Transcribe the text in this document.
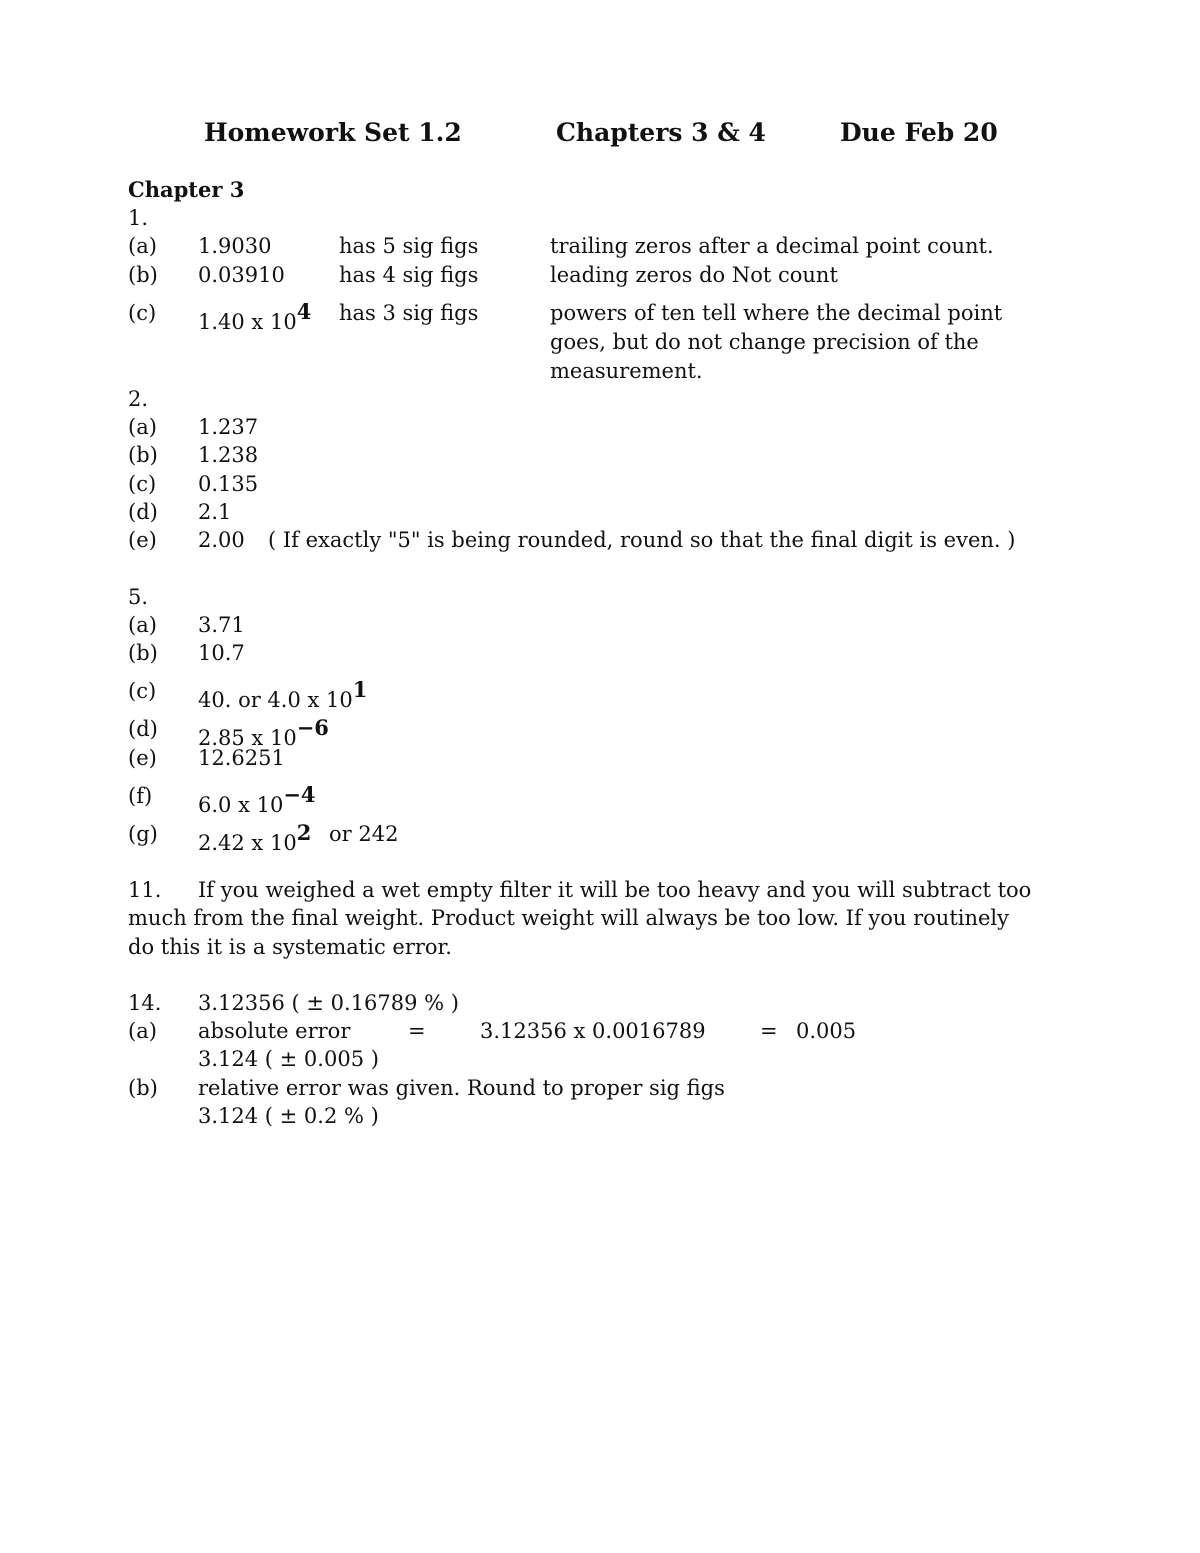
Homework Set 1.2	Chapters 3 & 4	Due Feb 20
Chapter 3
1.
(a) 1.9030	has 5 sig figs	trailing zeros after a decimal point count.
(b) 0.03910	has 4 sig figs	leading zeros do Not count
(c) 1.40 x $10^4$ has 3 sig figs	powers of ten tell where the decimal point
goes, but do not change precision of the
measurement.
2.
(a) 1.237
(b) 1.238
(c) 0.135
(d) 2.1
(e) 2.00 ( If exactly "5" is being rounded, round so that the final digit is even. )
5.
(a) 3.71
(b) 10.7
(c) 40. or 4.0 x $10^1$
(d) 2.85 x $10^{-6}$
(e) 12.6251
(f) 6.0 x $10^{-4}$
(g) 2.42 x $10^2$ or 242
11. If you weighed a wet empty filter it will be too heavy and you will subtract too
much from the final weight. Product weight will always be too low. If you routinely
do this it is a systematic error.
14. 3.12356 ( ± 0.16789 % )
(a) absolute error	=	3.12356 x 0.0016789	= 0.005
3.124 ( ± 0.005 )
(b) relative error was given. Round to proper sig figs
3.124 ( ± 0.2 % )
